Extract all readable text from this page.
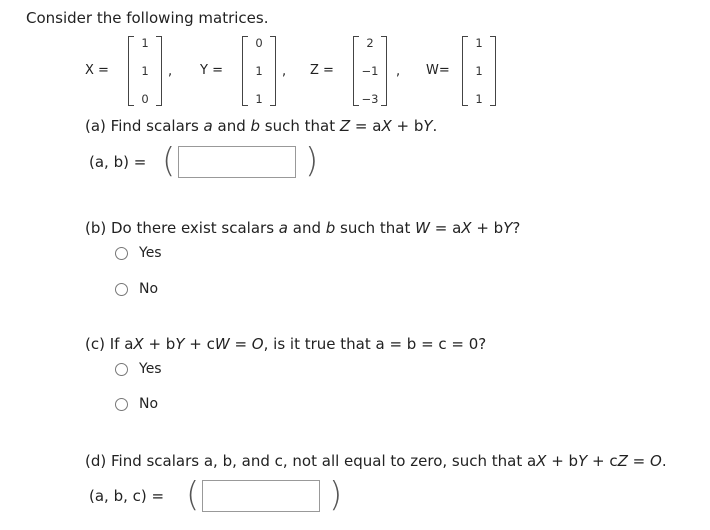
Consider the following matrices.
X =
1
1
0
, Y =
0
1
1
, Z =
2
−1
−3
, W=
1
1
1
(a) Find scalars a and b such that Z = aX + bY.
(a, b) = (	)
(b) Do there exist scalars a and b such that W = aX + bY?
Yes
No
(c) If aX + bY + cW = O, is it true that a = b = c = 0?
Yes
No
(d) Find scalars a, b, and c, not all equal to zero, such that aX + bY + cZ = O.
(a, b, c) = (	)
